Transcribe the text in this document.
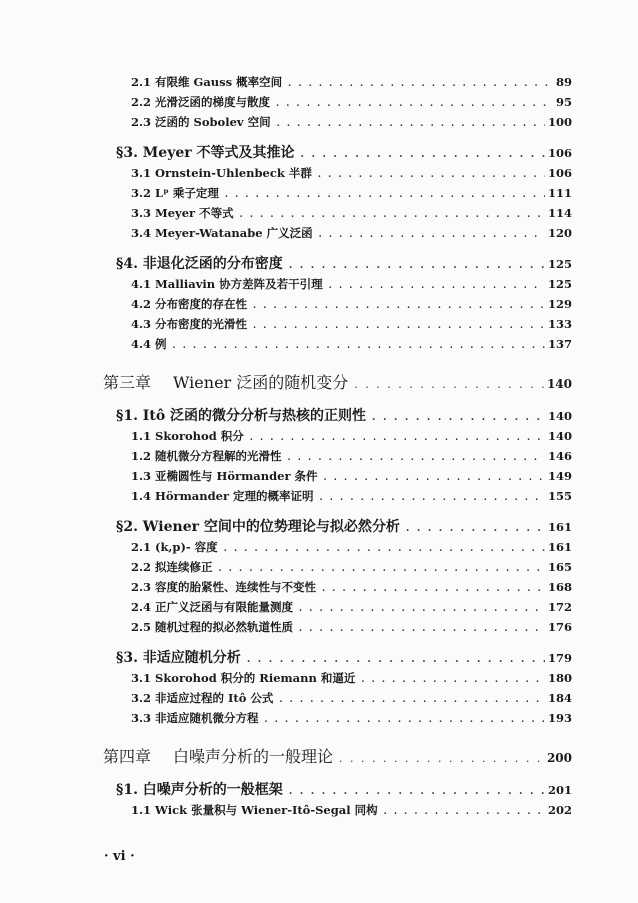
2.1 有限维 Gauss 概率空间 . . .	89
2.2 光滑泛函的梯度与散度 . . .	95
2.3 泛函的 Sobolev 空间 . . .	100
§3. Meyer 不等式及其推论 . . .	106
3.1 Ornstein-Uhlenbeck 半群 . . .	106
3.2 Lᵖ 乘子定理 . . .	111
3.3 Meyer 不等式 . . .	114
3.4 Meyer-Watanabe 广义泛函 . . .	120
§4. 非退化泛函的分布密度 . . .	125
4.1 Malliavin 协方差阵及若干引理 . . .	125
4.2 分布密度的存在性 . . .	129
4.3 分布密度的光滑性 . . .	133
4.4 例 . . .	137
第三章 Wiener 泛函的随机变分 . . .	140
§1. Itô 泛函的微分分析与热核的正则性 . . .	140
1.1 Skorohod 积分 . . .	140
1.2 随机微分方程解的光滑性 . . .	146
1.3 亚椭圆性与 Hörmander 条件 . . .	149
1.4 Hörmander 定理的概率证明 . . .	155
§2. Wiener 空间中的位势理论与拟必然分析 . . .	161
2.1 (k,p)- 容度 . . .	161
2.2 拟连续修正 . . .	165
2.3 容度的胎紧性、连续性与不变性 . . .	168
2.4 正广义泛函与有限能量测度 . . .	172
2.5 随机过程的拟必然轨道性质 . . .	176
§3. 非适应随机分析 . . .	179
3.1 Skorohod 积分的 Riemann 和逼近 . . .	180
3.2 非适应过程的 Itô 公式 . . .	184
3.3 非适应随机微分方程 . . .	193
第四章 白噪声分析的一般理论 . . .	200
§1. 白噪声分析的一般框架 . . .	201
1.1 Wick 张量积与 Wiener-Itô-Segal 同构 . . .	202
· vi ·
